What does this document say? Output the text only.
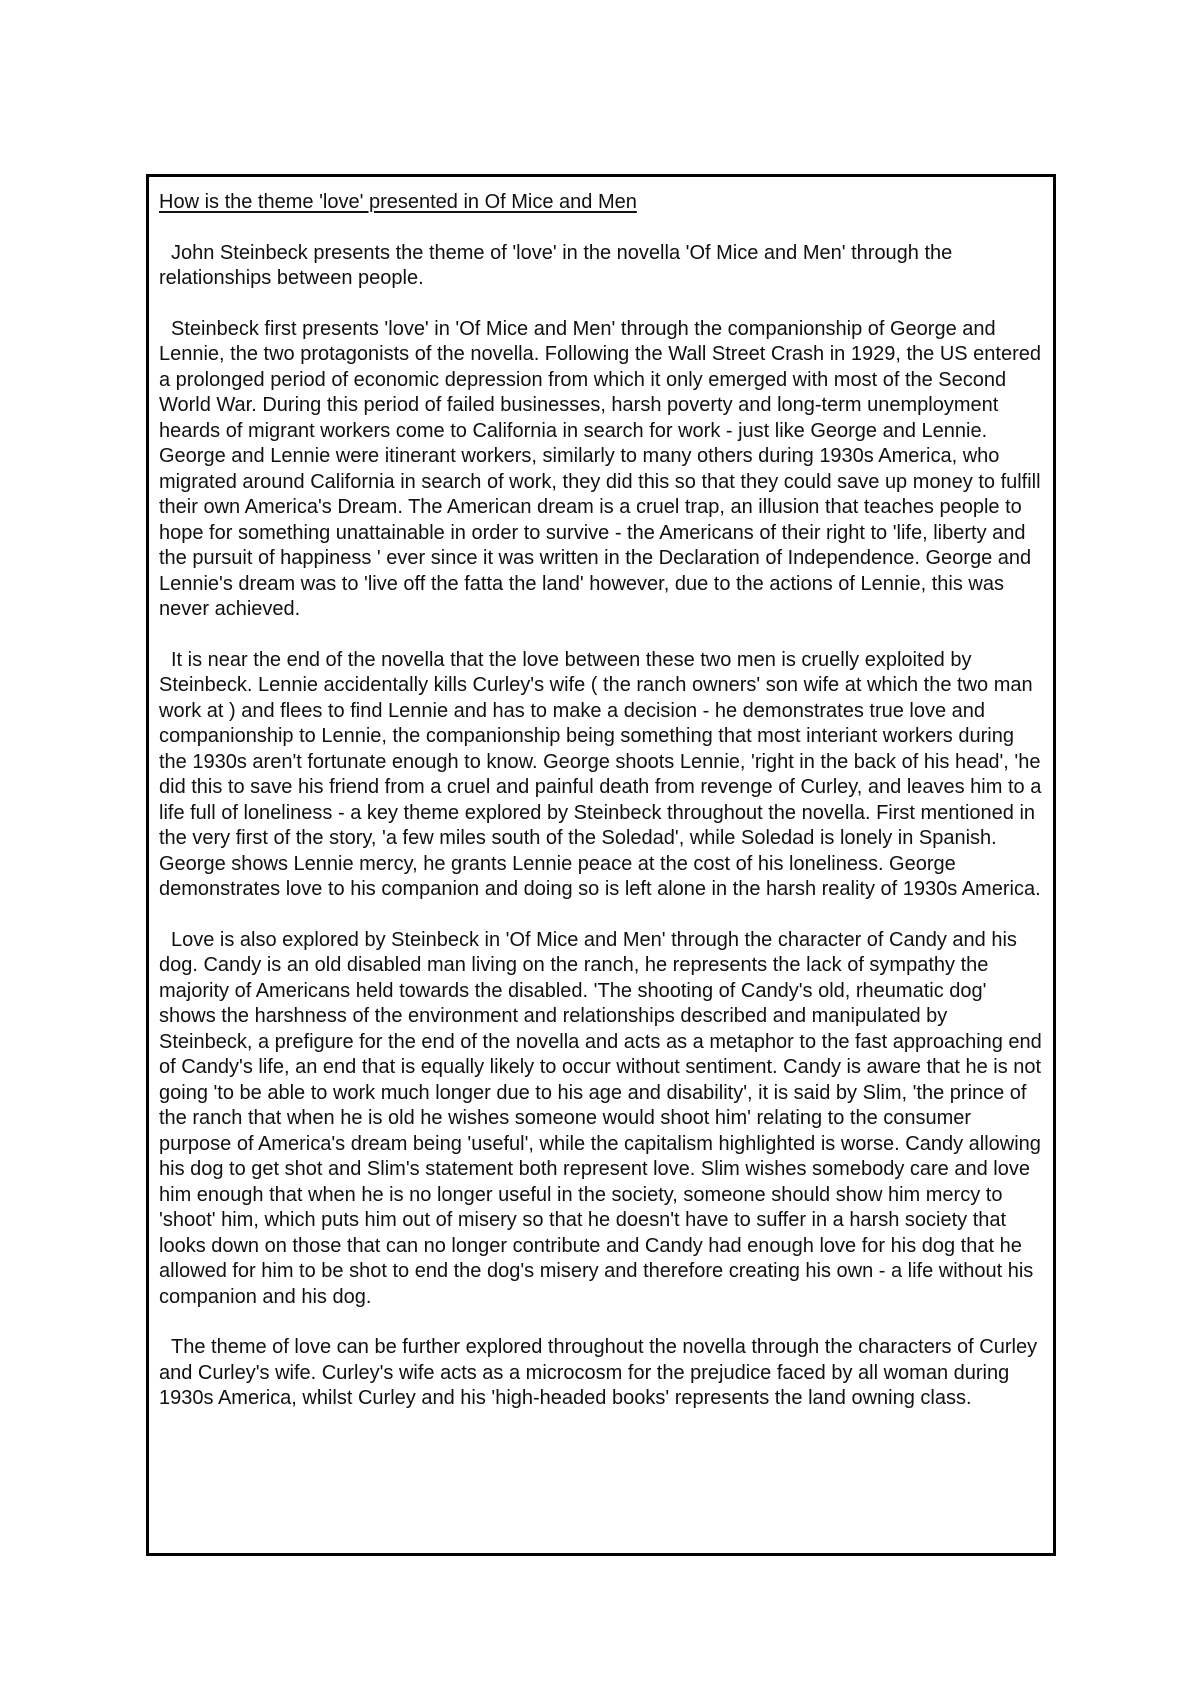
How is the theme 'love' presented in Of Mice and Men

John Steinbeck presents the theme of 'love' in the novella 'Of Mice and Men' through the relationships between people.

Steinbeck first presents 'love' in 'Of Mice and Men' through the companionship of George and Lennie, the two protagonists of the novella. Following the Wall Street Crash in 1929, the US entered a prolonged period of economic depression from which it only emerged with most of the Second World War. During this period of failed businesses, harsh poverty and long-term unemployment heards of migrant workers come to California in search for work - just like George and Lennie. George and Lennie were itinerant workers, similarly to many others during 1930s America, who migrated around California in search of work, they did this so that they could save up money to fulfill their own America's Dream. The American dream is a cruel trap, an illusion that teaches people to hope for something unattainable in order to survive - the Americans of their right to 'life, liberty and the pursuit of happiness ' ever since it was written in the Declaration of Independence. George and Lennie's dream was to 'live off the fatta the land' however, due to the actions of Lennie, this was never achieved.

It is near the end of the novella that the love between these two men is cruelly exploited by Steinbeck. Lennie accidentally kills Curley's wife ( the ranch owners' son wife at which the two man work at ) and flees to find Lennie and has to make a decision - he demonstrates true love and companionship to Lennie, the companionship being something that most interiant workers during the 1930s aren't fortunate enough to know. George shoots Lennie, 'right in the back of his head', 'he did this to save his friend from a cruel and painful death from revenge of Curley, and leaves him to a life full of loneliness - a key theme explored by Steinbeck throughout the novella. First mentioned in the very first of the story, 'a few miles south of the Soledad', while Soledad is lonely in Spanish. George shows Lennie mercy, he grants Lennie peace at the cost of his loneliness. George demonstrates love to his companion and doing so is left alone in the harsh reality of 1930s America.

Love is also explored by Steinbeck in 'Of Mice and Men' through the character of Candy and his dog. Candy is an old disabled man living on the ranch, he represents the lack of sympathy the majority of Americans held towards the disabled. 'The shooting of Candy's old, rheumatic dog' shows the harshness of the environment and relationships described and manipulated by Steinbeck, a prefigure for the end of the novella and acts as a metaphor to the fast approaching end of Candy's life, an end that is equally likely to occur without sentiment. Candy is aware that he is not going 'to be able to work much longer due to his age and disability', it is said by Slim, 'the prince of the ranch that when he is old he wishes someone would shoot him' relating to the consumer purpose of America's dream being 'useful', while the capitalism highlighted is worse. Candy allowing his dog to get shot and Slim's statement both represent love. Slim wishes somebody care and love him enough that when he is no longer useful in the society, someone should show him mercy to 'shoot' him, which puts him out of misery so that he doesn't have to suffer in a harsh society that looks down on those that can no longer contribute and Candy had enough love for his dog that he allowed for him to be shot to end the dog's misery and therefore creating his own - a life without his companion and his dog.

The theme of love can be further explored throughout the novella through the characters of Curley and Curley's wife. Curley's wife acts as a microcosm for the prejudice faced by all woman during 1930s America, whilst Curley and his 'high-headed books' represents the land owning class.
